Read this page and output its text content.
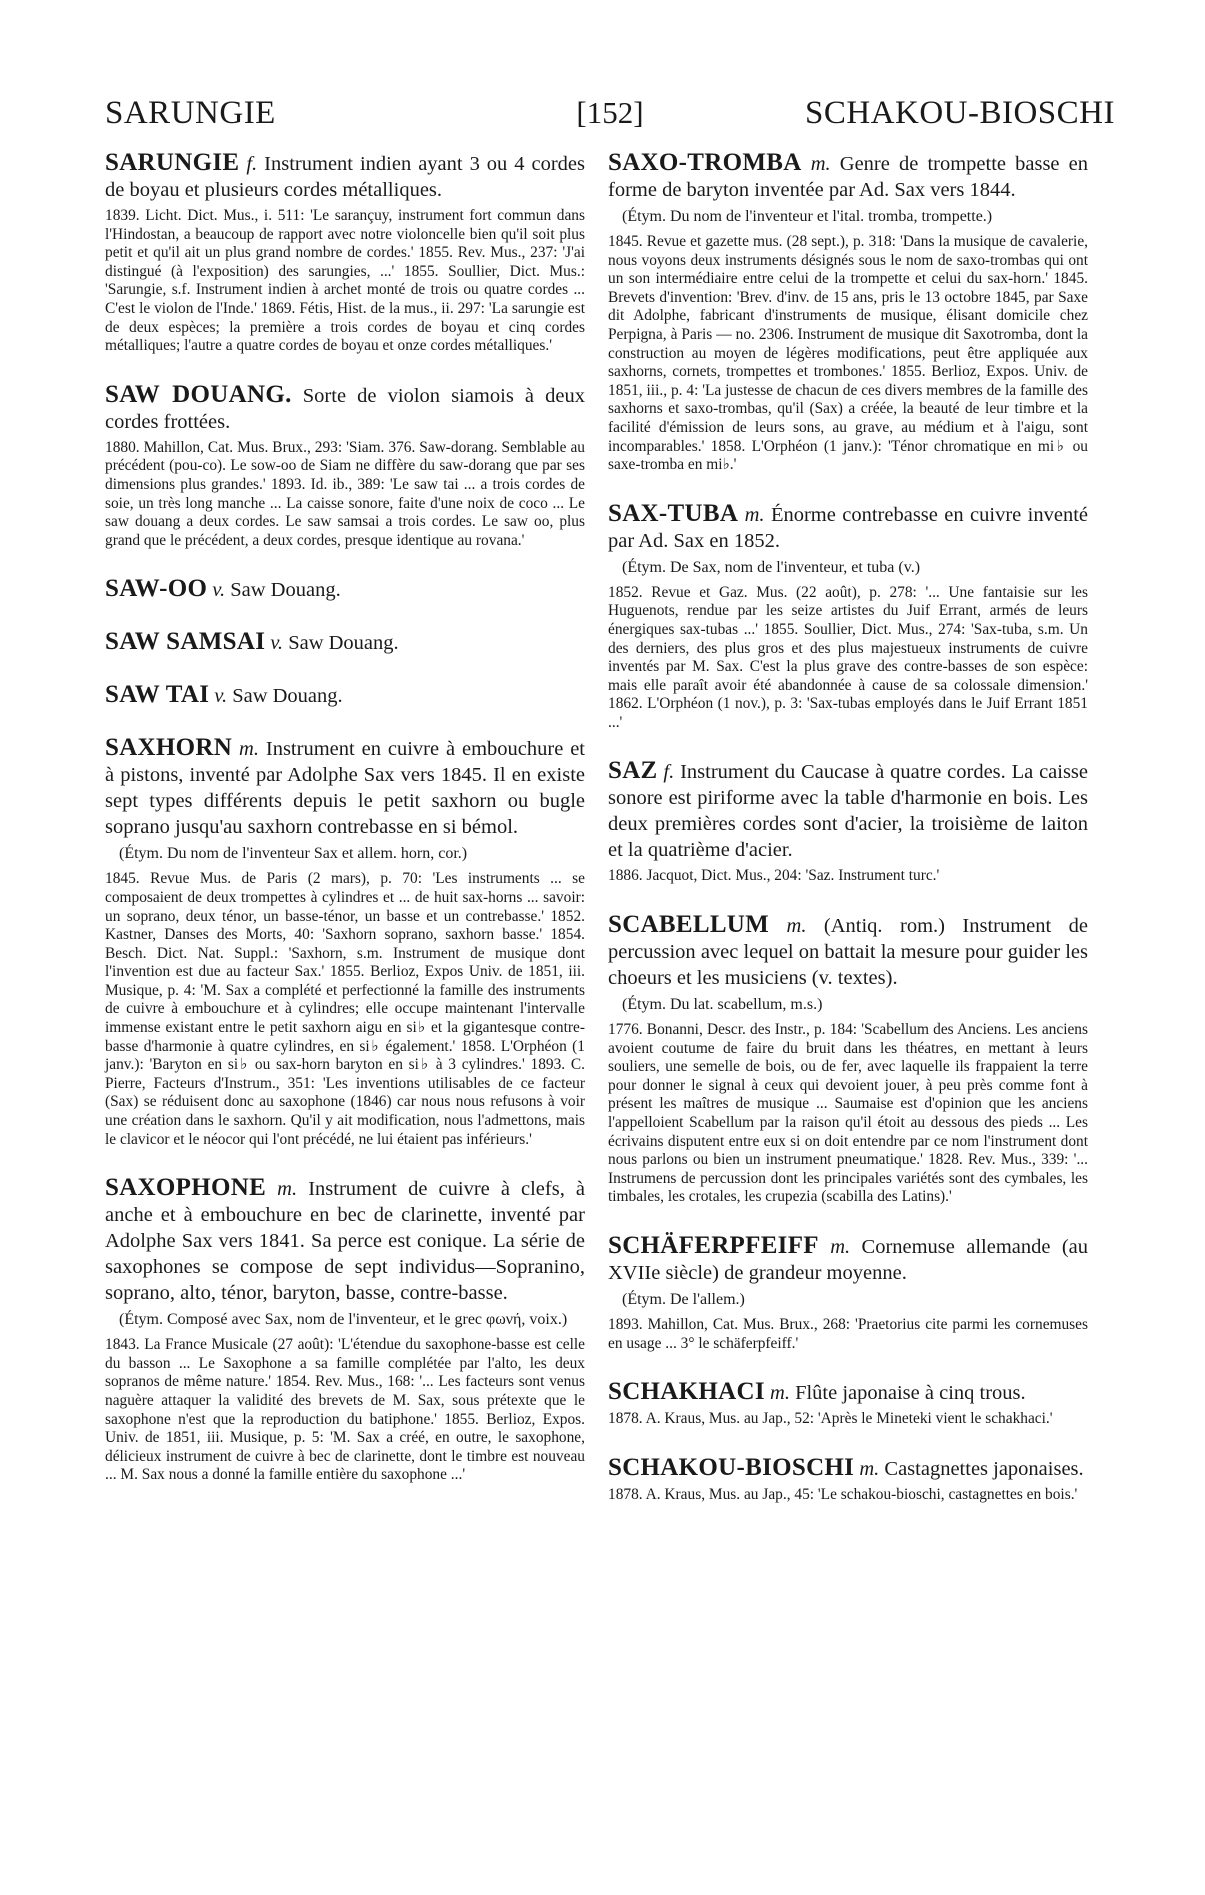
SARUNGIE	[152]	SCHAKOU-BIOSCHI

SARUNGIE f. Instrument indien ayant 3 ou 4 cordes de boyau et plusieurs cordes métalliques.

1839. Licht. Dict. Mus., i. 511: 'Le sarançuy, instrument fort commun dans l'Hindostan, a beaucoup de rapport avec notre violoncelle bien qu'il soit plus petit et qu'il ait un plus grand nombre de cordes.' 1855. Rev. Mus., 237: 'J'ai distingué (à l'exposition) des sarungies, ...' 1855. Soullier, Dict. Mus.: 'Sarungie, s.f. Instrument indien à archet monté de trois ou quatre cordes ... C'est le violon de l'Inde.' 1869. Fétis, Hist. de la mus., ii. 297: 'La sarungie est de deux espèces; la première a trois cordes de boyau et cinq cordes métalliques; l'autre a quatre cordes de boyau et onze cordes métalliques.'

SAW DOUANG. Sorte de violon siamois à deux cordes frottées.

1880. Mahillon, Cat. Mus. Brux., 293: 'Siam. 376. Saw-dorang. Semblable au précédent (pou-co). Le sow-oo de Siam ne diffère du saw-dorang que par ses dimensions plus grandes.' 1893. Id. ib., 389: 'Le saw tai ... a trois cordes de soie, un très long manche ... La caisse sonore, faite d'une noix de coco ... Le saw douang a deux cordes. Le saw samsai a trois cordes. Le saw oo, plus grand que le précédent, a deux cordes, presque identique au rovana.'

SAW-OO v. Saw Douang.

SAW SAMSAI v. Saw Douang.

SAW TAI v. Saw Douang.

SAXHORN m. Instrument en cuivre à embouchure et à pistons, inventé par Adolphe Sax vers 1845. Il en existe sept types différents depuis le petit saxhorn ou bugle soprano jusqu'au saxhorn contrebasse en si bémol.

(Étym. Du nom de l'inventeur Sax et allem. horn, cor.)

1845. Revue Mus. de Paris (2 mars), p. 70: 'Les instruments ... se composaient de deux trompettes à cylindres et ... de huit sax-horns ... savoir: un soprano, deux ténor, un basse-ténor, un basse et un contrebasse.' 1852. Kastner, Danses des Morts, 40: 'Saxhorn soprano, saxhorn basse.' 1854. Besch. Dict. Nat. Suppl.: 'Saxhorn, s.m. Instrument de musique dont l'invention est due au facteur Sax.' 1855. Berlioz, Expos Univ. de 1851, iii. Musique, p. 4: 'M. Sax a complété et perfectionné la famille des instruments de cuivre à embouchure et à cylindres; elle occupe maintenant l'intervalle immense existant entre le petit saxhorn aigu en si♭ et la gigantesque contre-basse d'harmonie à quatre cylindres, en si♭ également.' 1858. L'Orphéon (1 janv.): 'Baryton en si♭ ou sax-horn baryton en si♭ à 3 cylindres.' 1893. C. Pierre, Facteurs d'Instrum., 351: 'Les inventions utilisables de ce facteur (Sax) se réduisent donc au saxophone (1846) car nous nous refusons à voir une création dans le saxhorn. Qu'il y ait modification, nous l'admettons, mais le clavicor et le néocor qui l'ont précédé, ne lui étaient pas inférieurs.'

SAXOPHONE m. Instrument de cuivre à clefs, à anche et à embouchure en bec de clarinette, inventé par Adolphe Sax vers 1841. Sa perce est conique. La série de saxophones se compose de sept individus—Sopranino, soprano, alto, ténor, baryton, basse, contre-basse.

(Étym. Composé avec Sax, nom de l'inventeur, et le grec φωνή, voix.)

1843. La France Musicale (27 août): 'L'étendue du saxophone-basse est celle du basson ... Le Saxophone a sa famille complétée par l'alto, les deux sopranos de même nature.' 1854. Rev. Mus., 168: '... Les facteurs sont venus naguère attaquer la validité des brevets de M. Sax, sous prétexte que le saxophone n'est que la reproduction du batiphone.' 1855. Berlioz, Expos. Univ. de 1851, iii. Musique, p. 5: 'M. Sax a créé, en outre, le saxophone, délicieux instrument de cuivre à bec de clarinette, dont le timbre est nouveau ... M. Sax nous a donné la famille entière du saxophone ...'

SAXO-TROMBA m. Genre de trompette basse en forme de baryton inventée par Ad. Sax vers 1844.

(Étym. Du nom de l'inventeur et l'ital. tromba, trompette.)

1845. Revue et gazette mus. (28 sept.), p. 318: 'Dans la musique de cavalerie, nous voyons deux instruments désignés sous le nom de saxo-trombas qui ont un son intermédiaire entre celui de la trompette et celui du sax-horn.' 1845. Brevets d'invention: 'Brev. d'inv. de 15 ans, pris le 13 octobre 1845, par Saxe dit Adolphe, fabricant d'instruments de musique, élisant domicile chez Perpigna, à Paris — no. 2306. Instrument de musique dit Saxotromba, dont la construction au moyen de légères modifications, peut être appliquée aux saxhorns, cornets, trompettes et trombones.' 1855. Berlioz, Expos. Univ. de 1851, iii., p. 4: 'La justesse de chacun de ces divers membres de la famille des saxhorns et saxo-trombas, qu'il (Sax) a créée, la beauté de leur timbre et la facilité d'émission de leurs sons, au grave, au médium et à l'aigu, sont incomparables.' 1858. L'Orphéon (1 janv.): 'Ténor chromatique en mi♭ ou saxe-tromba en mi♭.'

SAX-TUBA m. Énorme contrebasse en cuivre inventé par Ad. Sax en 1852.

(Étym. De Sax, nom de l'inventeur, et tuba (v.)

1852. Revue et Gaz. Mus. (22 août), p. 278: '... Une fantaisie sur les Huguenots, rendue par les seize artistes du Juif Errant, armés de leurs énergiques sax-tubas ...' 1855. Soullier, Dict. Mus., 274: 'Sax-tuba, s.m. Un des derniers, des plus gros et des plus majestueux instruments de cuivre inventés par M. Sax. C'est la plus grave des contre-basses de son espèce: mais elle paraît avoir été abandonnée à cause de sa colossale dimension.' 1862. L'Orphéon (1 nov.), p. 3: 'Sax-tubas employés dans le Juif Errant 1851 ...'

SAZ f. Instrument du Caucase à quatre cordes. La caisse sonore est piriforme avec la table d'harmonie en bois. Les deux premières cordes sont d'acier, la troisième de laiton et la quatrième d'acier.

1886. Jacquot, Dict. Mus., 204: 'Saz. Instrument turc.'

SCABELLUM m. (Antiq. rom.) Instrument de percussion avec lequel on battait la mesure pour guider les choeurs et les musiciens (v. textes).

(Étym. Du lat. scabellum, m.s.)

1776. Bonanni, Descr. des Instr., p. 184: 'Scabellum des Anciens. Les anciens avoient coutume de faire du bruit dans les théatres, en mettant à leurs souliers, une semelle de bois, ou de fer, avec laquelle ils frappaient la terre pour donner le signal à ceux qui devoient jouer, à peu près comme font à présent les maîtres de musique ... Saumaise est d'opinion que les anciens l'appelloient Scabellum par la raison qu'il étoit au dessous des pieds ... Les écrivains disputent entre eux si on doit entendre par ce nom l'instrument dont nous parlons ou bien un instrument pneumatique.' 1828. Rev. Mus., 339: '... Instrumens de percussion dont les principales variétés sont des cymbales, les timbales, les crotales, les crupezia (scabilla des Latins).'

SCHÄFERPFEIFF m. Cornemuse allemande (au XVIIe siècle) de grandeur moyenne.

(Étym. De l'allem.)

1893. Mahillon, Cat. Mus. Brux., 268: 'Praetorius cite parmi les cornemuses en usage ... 3° le schäferpfeiff.'

SCHAKHACI m. Flûte japonaise à cinq trous.

1878. A. Kraus, Mus. au Jap., 52: 'Après le Mineteki vient le schakhaci.'

SCHAKOU-BIOSCHI m. Castagnettes japonaises.

1878. A. Kraus, Mus. au Jap., 45: 'Le schakou-bioschi, castagnettes en bois.'
